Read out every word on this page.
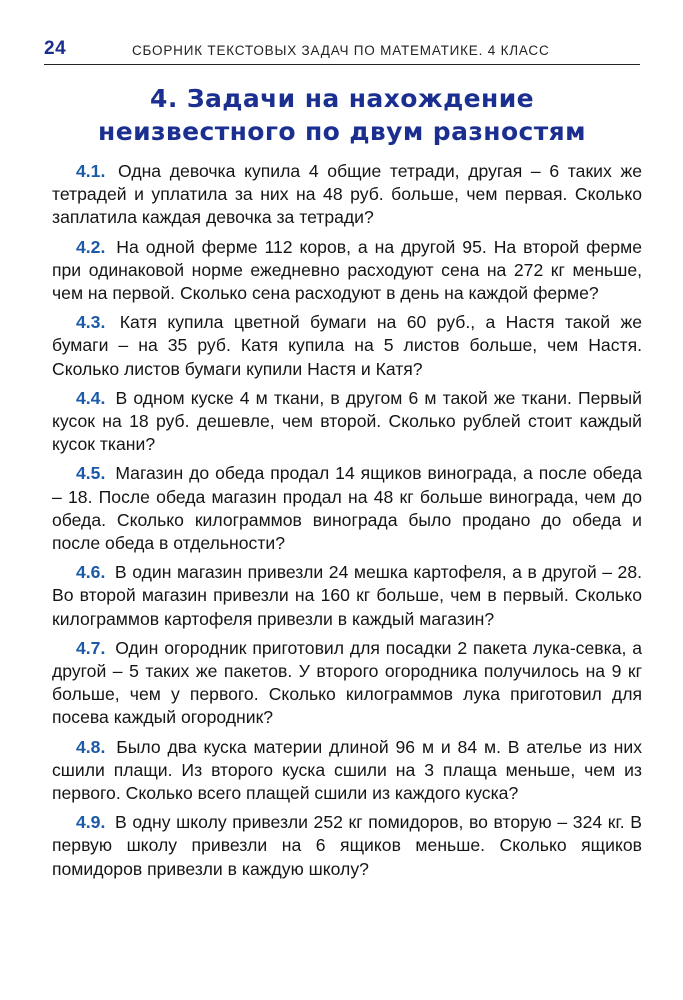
24	СБОРНИК ТЕКСТОВЫХ ЗАДАЧ ПО МАТЕМАТИКЕ. 4 КЛАСС
4. Задачи на нахождение
неизвестного по двум разностям

4.1. Одна девочка купила 4 общие тетради, другая – 6 таких же тетрадей и уплатила за них на 48 руб. больше, чем первая. Сколько заплатила каждая девочка за тетради?

4.2. На одной ферме 112 коров, а на другой 95. На второй ферме при одинаковой норме ежедневно расходуют сена на 272 кг меньше, чем на первой. Сколько сена расходуют в день на каждой ферме?

4.3. Катя купила цветной бумаги на 60 руб., а Настя такой же бумаги – на 35 руб. Катя купила на 5 листов больше, чем Настя. Сколько листов бумаги купили Настя и Катя?

4.4. В одном куске 4 м ткани, в другом 6 м такой же ткани. Первый кусок на 18 руб. дешевле, чем второй. Сколько рублей стоит каждый кусок ткани?

4.5. Магазин до обеда продал 14 ящиков винограда, а после обеда – 18. После обеда магазин продал на 48 кг больше винограда, чем до обеда. Сколько килограммов винограда было продано до обеда и после обеда в отдельности?

4.6. В один магазин привезли 24 мешка картофеля, а в другой – 28. Во второй магазин привезли на 160 кг больше, чем в первый. Сколько килограммов картофеля привезли в каждый магазин?

4.7. Один огородник приготовил для посадки 2 пакета лука-севка, а другой – 5 таких же пакетов. У второго огородника получилось на 9 кг больше, чем у первого. Сколько килограммов лука приготовил для посева каждый огородник?

4.8. Было два куска материи длиной 96 м и 84 м. В ателье из них сшили плащи. Из второго куска сшили на 3 плаща меньше, чем из первого. Сколько всего плащей сшили из каждого куска?

4.9. В одну школу привезли 252 кг помидоров, во вторую – 324 кг. В первую школу привезли на 6 ящиков меньше. Сколько ящиков помидоров привезли в каждую школу?
